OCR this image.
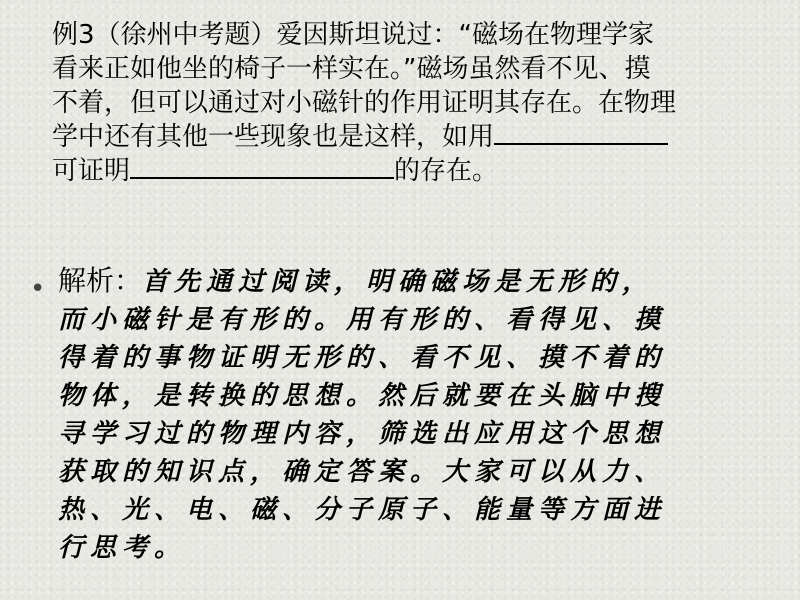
例3（徐州中考题）爱因斯坦说过：“磁场在物理学家
看来正如他坐的椅子一样实在。”磁场虽然看不见、摸
不着，但可以通过对小磁针的作用证明其存在。在物理
学中还有其他一些现象也是这样，如用
可证明	的存在。
• 解析：首先通过阅读，明确磁场是无形的，
而小磁针是有形的。用有形的、看得见、摸
得着的事物证明无形的、看不见、摸不着的
物体，是转换的思想。然后就要在头脑中搜
寻学习过的物理内容，筛选出应用这个思想
获取的知识点，确定答案。大家可以从力、
热、光、电、磁、分子原子、能量等方面进
行思考。
